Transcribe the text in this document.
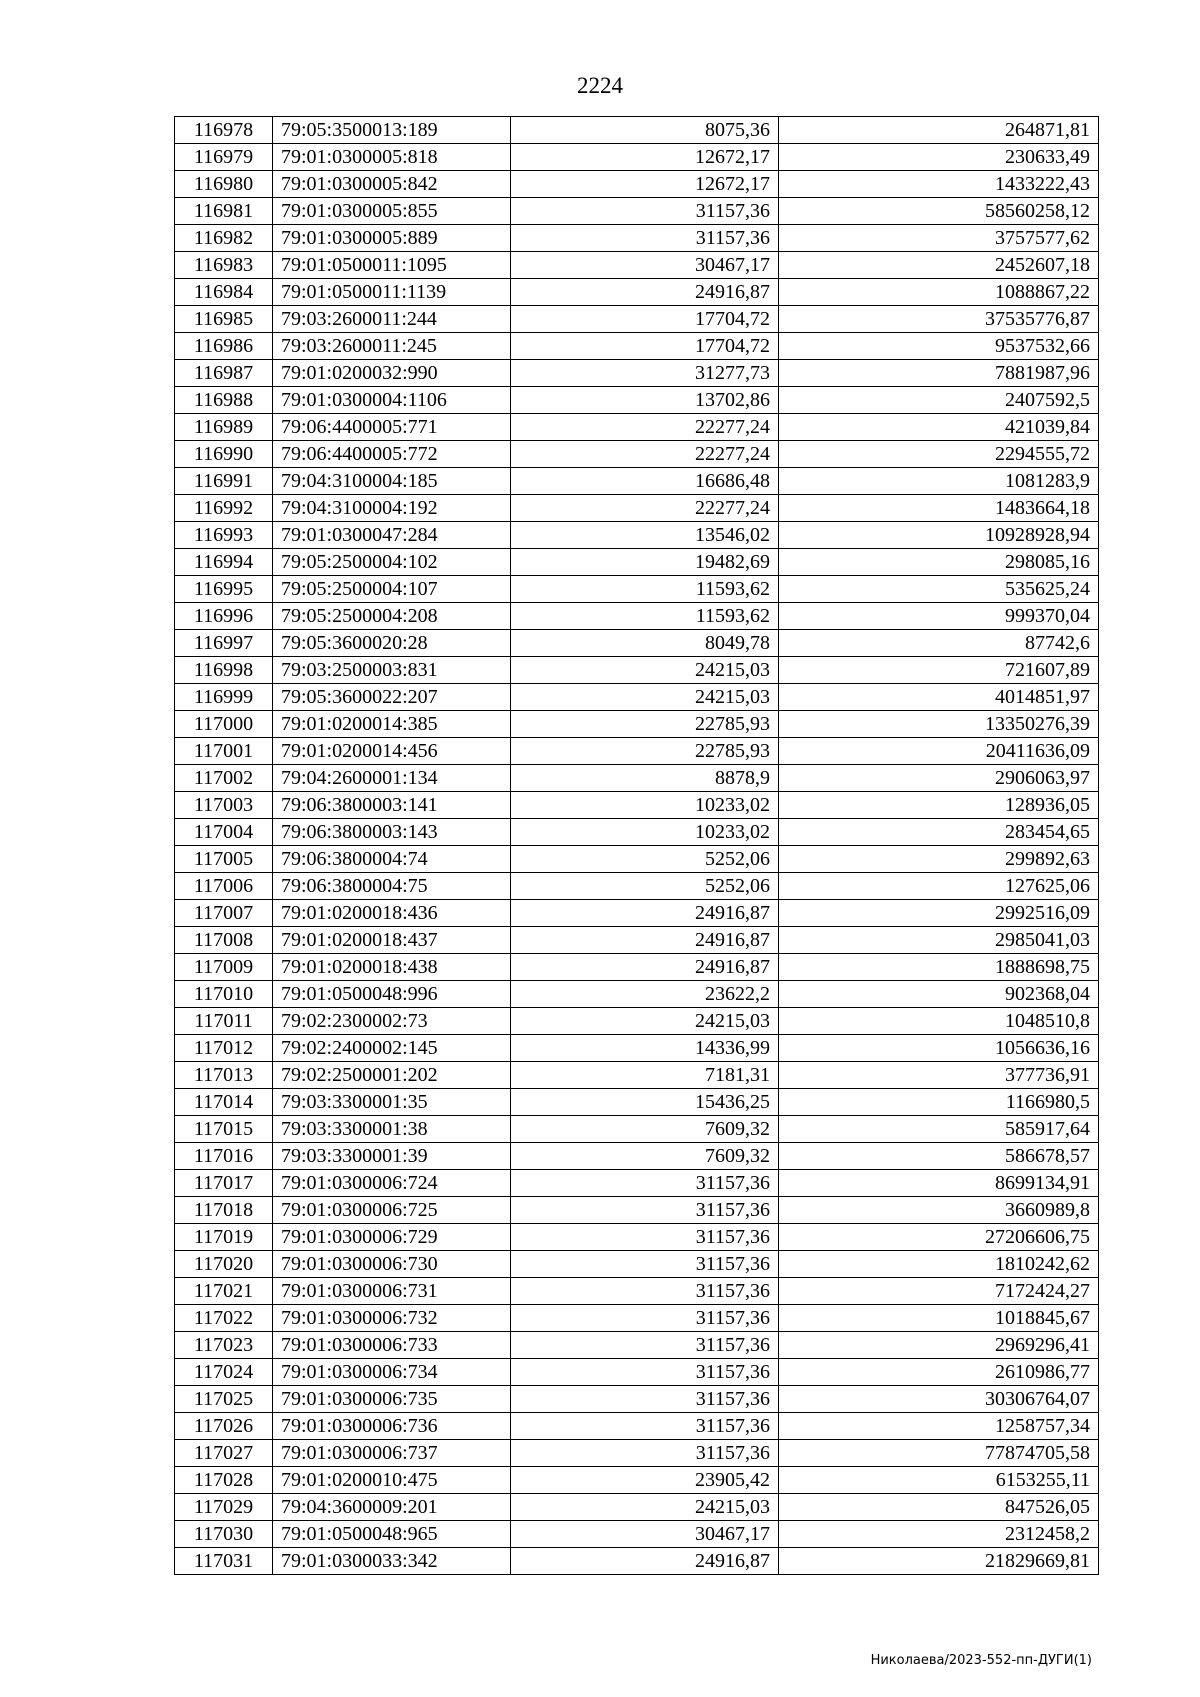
2224
116978	79:05:3500013:189	8075,36	264871,81
116979	79:01:0300005:818	12672,17	230633,49
116980	79:01:0300005:842	12672,17	1433222,43
116981	79:01:0300005:855	31157,36	58560258,12
116982	79:01:0300005:889	31157,36	3757577,62
116983	79:01:0500011:1095	30467,17	2452607,18
116984	79:01:0500011:1139	24916,87	1088867,22
116985	79:03:2600011:244	17704,72	37535776,87
116986	79:03:2600011:245	17704,72	9537532,66
116987	79:01:0200032:990	31277,73	7881987,96
116988	79:01:0300004:1106	13702,86	2407592,5
116989	79:06:4400005:771	22277,24	421039,84
116990	79:06:4400005:772	22277,24	2294555,72
116991	79:04:3100004:185	16686,48	1081283,9
116992	79:04:3100004:192	22277,24	1483664,18
116993	79:01:0300047:284	13546,02	10928928,94
116994	79:05:2500004:102	19482,69	298085,16
116995	79:05:2500004:107	11593,62	535625,24
116996	79:05:2500004:208	11593,62	999370,04
116997	79:05:3600020:28	8049,78	87742,6
116998	79:03:2500003:831	24215,03	721607,89
116999	79:05:3600022:207	24215,03	4014851,97
117000	79:01:0200014:385	22785,93	13350276,39
117001	79:01:0200014:456	22785,93	20411636,09
117002	79:04:2600001:134	8878,9	2906063,97
117003	79:06:3800003:141	10233,02	128936,05
117004	79:06:3800003:143	10233,02	283454,65
117005	79:06:3800004:74	5252,06	299892,63
117006	79:06:3800004:75	5252,06	127625,06
117007	79:01:0200018:436	24916,87	2992516,09
117008	79:01:0200018:437	24916,87	2985041,03
117009	79:01:0200018:438	24916,87	1888698,75
117010	79:01:0500048:996	23622,2	902368,04
117011	79:02:2300002:73	24215,03	1048510,8
117012	79:02:2400002:145	14336,99	1056636,16
117013	79:02:2500001:202	7181,31	377736,91
117014	79:03:3300001:35	15436,25	1166980,5
117015	79:03:3300001:38	7609,32	585917,64
117016	79:03:3300001:39	7609,32	586678,57
117017	79:01:0300006:724	31157,36	8699134,91
117018	79:01:0300006:725	31157,36	3660989,8
117019	79:01:0300006:729	31157,36	27206606,75
117020	79:01:0300006:730	31157,36	1810242,62
117021	79:01:0300006:731	31157,36	7172424,27
117022	79:01:0300006:732	31157,36	1018845,67
117023	79:01:0300006:733	31157,36	2969296,41
117024	79:01:0300006:734	31157,36	2610986,77
117025	79:01:0300006:735	31157,36	30306764,07
117026	79:01:0300006:736	31157,36	1258757,34
117027	79:01:0300006:737	31157,36	77874705,58
117028	79:01:0200010:475	23905,42	6153255,11
117029	79:04:3600009:201	24215,03	847526,05
117030	79:01:0500048:965	30467,17	2312458,2
117031	79:01:0300033:342	24916,87	21829669,81
Николаева/2023-552-пп-ДУГИ(1)
